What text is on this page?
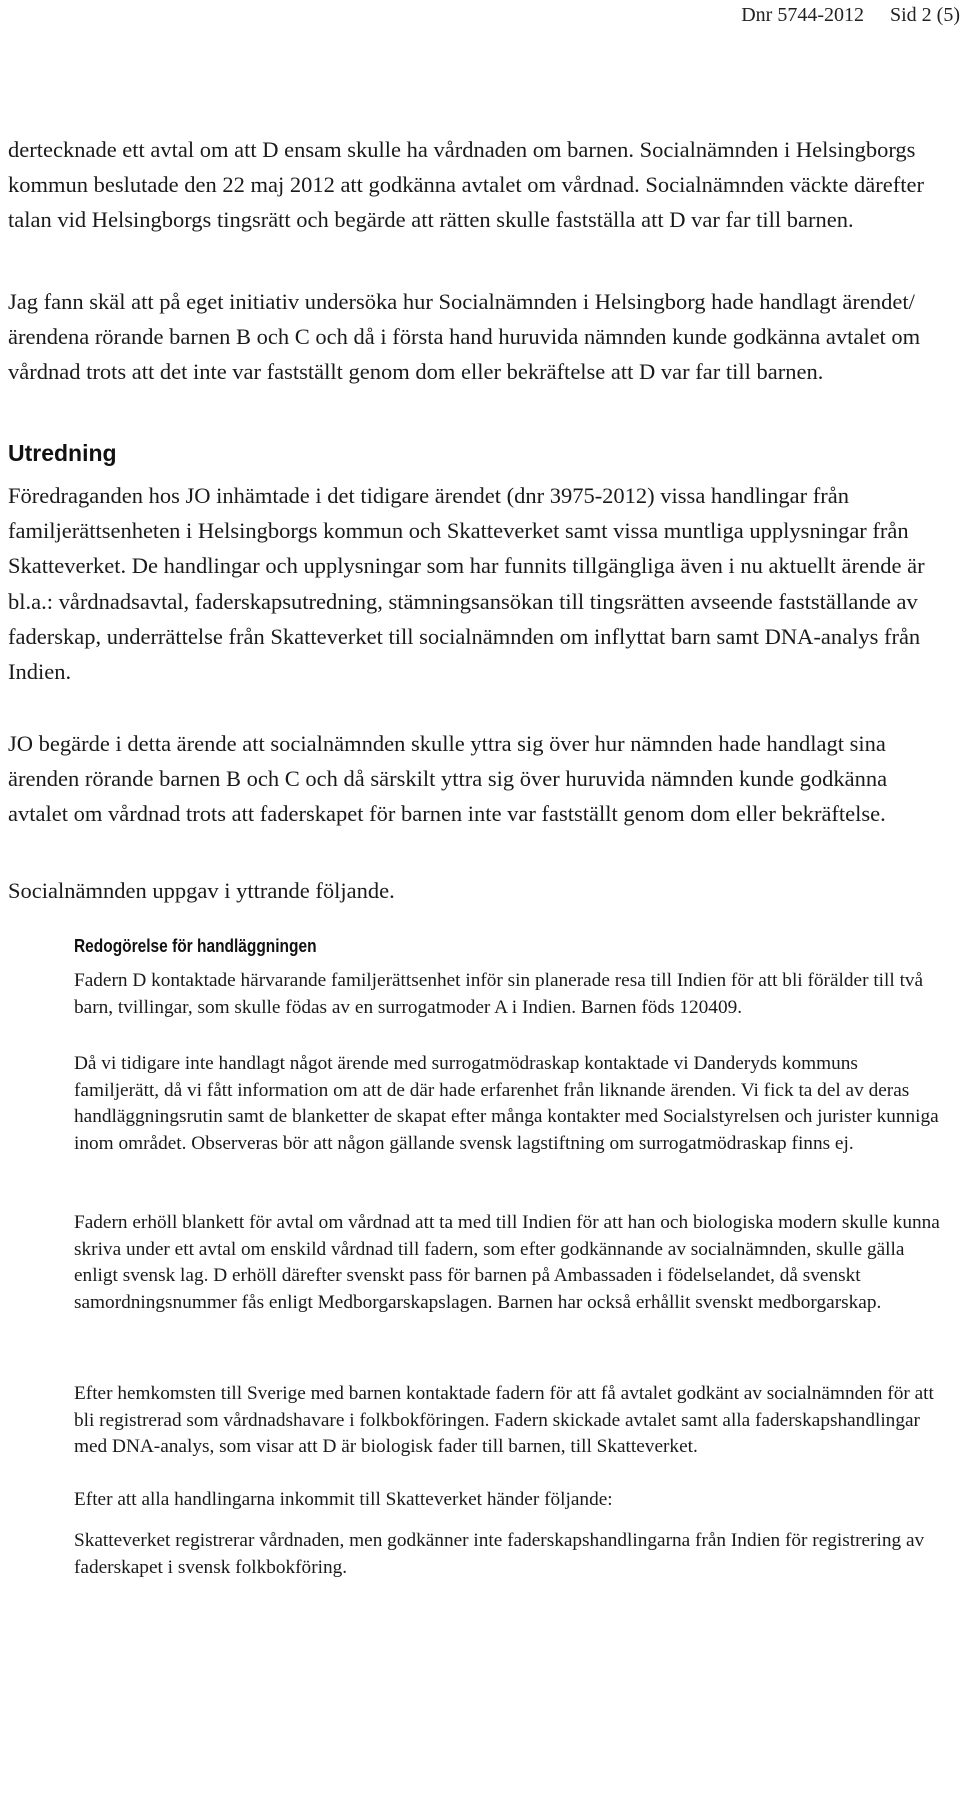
Dnr 5744-2012 Sid 2 (5)

dertecknade ett avtal om att D ensam skulle ha vårdnaden om barnen. Socialnämnden i Helsingborgs kommun beslutade den 22 maj 2012 att godkänna avtalet om vårdnad. Socialnämnden väckte därefter talan vid Helsingborgs tingsrätt och begärde att rätten skulle fastställa att D var far till barnen.

Jag fann skäl att på eget initiativ undersöka hur Socialnämnden i Helsingborg hade handlagt ärendet/ärendena rörande barnen B och C och då i första hand huruvida nämnden kunde godkänna avtalet om vårdnad trots att det inte var fastställt genom dom eller bekräftelse att D var far till barnen.

Utredning

Föredraganden hos JO inhämtade i det tidigare ärendet (dnr 3975-2012) vissa handlingar från familjerättsenheten i Helsingborgs kommun och Skatteverket samt vissa muntliga upplysningar från Skatteverket. De handlingar och upplysningar som har funnits tillgängliga även i nu aktuellt ärende är bl.a.: vårdnadsavtal, faderskapsutredning, stämningsansökan till tingsrätten avseende fastställande av faderskap, underrättelse från Skatteverket till socialnämnden om inflyttat barn samt DNA-analys från Indien.

JO begärde i detta ärende att socialnämnden skulle yttra sig över hur nämnden hade handlagt sina ärenden rörande barnen B och C och då särskilt yttra sig över huruvida nämnden kunde godkänna avtalet om vårdnad trots att faderskapet för barnen inte var fastställt genom dom eller bekräftelse.

Socialnämnden uppgav i yttrande följande.

Redogörelse för handläggningen

Fadern D kontaktade härvarande familjerättsenhet inför sin planerade resa till Indien för att bli förälder till två barn, tvillingar, som skulle födas av en surrogatmoder A i Indien. Barnen föds 120409.

Då vi tidigare inte handlagt något ärende med surrogatmödraskap kontaktade vi Danderyds kommuns familjerätt, då vi fått information om att de där hade erfarenhet från liknande ärenden. Vi fick ta del av deras handläggningsrutin samt de blanketter de skapat efter många kontakter med Socialstyrelsen och jurister kunniga inom området. Observeras bör att någon gällande svensk lagstiftning om surrogatmödraskap finns ej.

Fadern erhöll blankett för avtal om vårdnad att ta med till Indien för att han och biologiska modern skulle kunna skriva under ett avtal om enskild vårdnad till fadern, som efter godkännande av socialnämnden, skulle gälla enligt svensk lag. D erhöll därefter svenskt pass för barnen på Ambassaden i födelselandet, då svenskt samordningsnummer fås enligt Medborgarskapslagen. Barnen har också erhållit svenskt medborgarskap.

Efter hemkomsten till Sverige med barnen kontaktade fadern för att få avtalet godkänt av socialnämnden för att bli registrerad som vårdnadshavare i folkbokföringen. Fadern skickade avtalet samt alla faderskapshandlingar med DNA-analys, som visar att D är biologisk fader till barnen, till Skatteverket.

Efter att alla handlingarna inkommit till Skatteverket händer följande:

Skatteverket registrerar vårdnaden, men godkänner inte faderskapshandlingarna från Indien för registrering av faderskapet i svensk folkbokföring.
